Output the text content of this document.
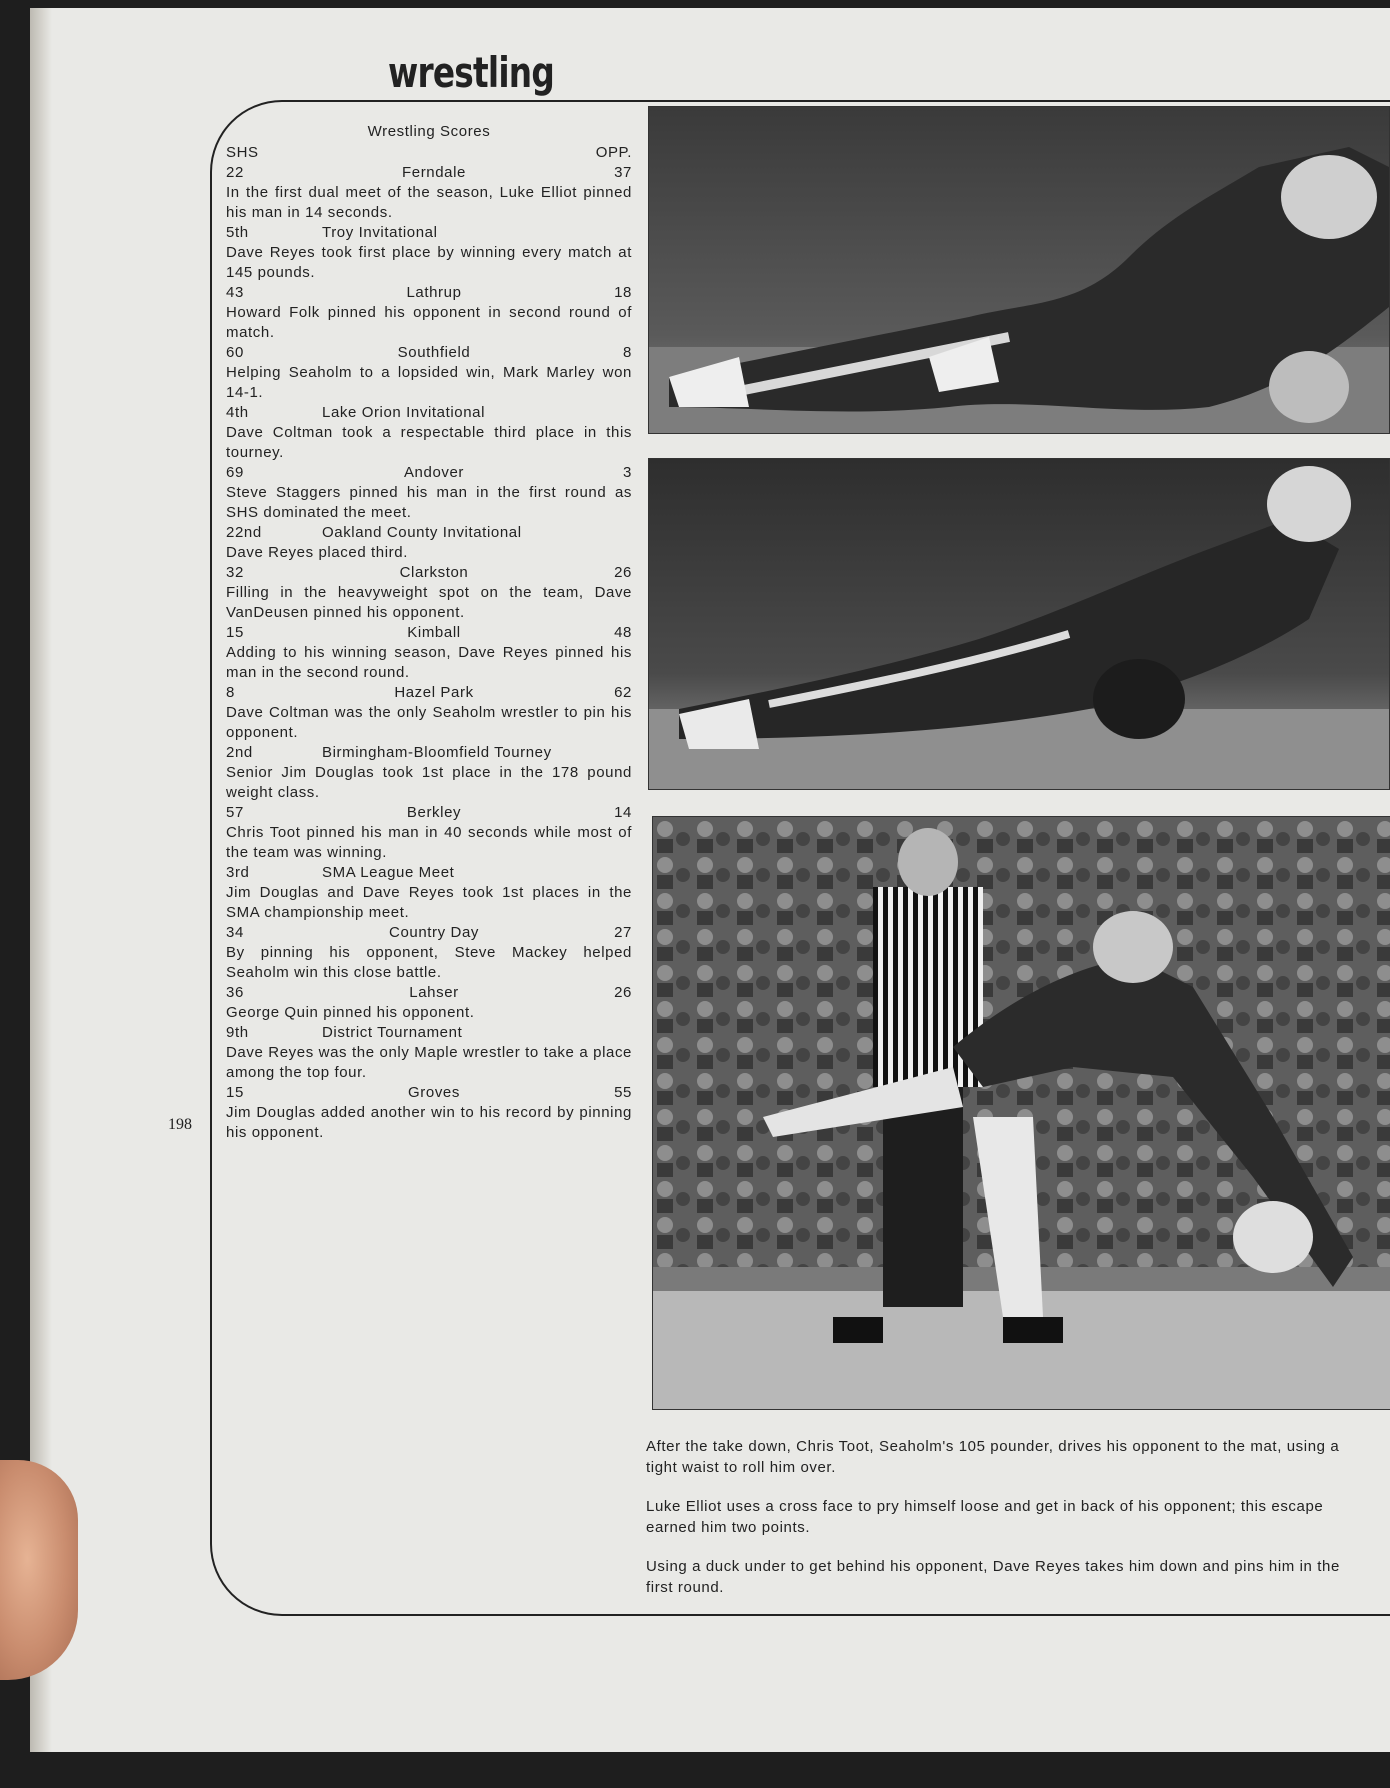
wrestling
198
Wrestling Scores
SHS	OPP.
22	Ferndale	37
In the first dual meet of the season, Luke Elliot pinned his man in 14 seconds.
5th	Troy Invitational
Dave Reyes took first place by winning every match at 145 pounds.
43	Lathrup	18
Howard Folk pinned his opponent in second round of match.
60	Southfield	8
Helping Seaholm to a lopsided win, Mark Marley won 14-1.
4th	Lake Orion Invitational
Dave Coltman took a respectable third place in this tourney.
69	Andover	3
Steve Staggers pinned his man in the first round as SHS dominated the meet.
22nd	Oakland County Invitational
Dave Reyes placed third.
32	Clarkston	26
Filling in the heavyweight spot on the team, Dave VanDeusen pinned his opponent.
15	Kimball	48
Adding to his winning season, Dave Reyes pinned his man in the second round.
8	Hazel Park	62
Dave Coltman was the only Seaholm wrestler to pin his opponent.
2nd	Birmingham-Bloomfield Tourney
Senior Jim Douglas took 1st place in the 178 pound weight class.
57	Berkley	14
Chris Toot pinned his man in 40 seconds while most of the team was winning.
3rd	SMA League Meet
Jim Douglas and Dave Reyes took 1st places in the SMA championship meet.
34	Country Day	27
By pinning his opponent, Steve Mackey helped Seaholm win this close battle.
36	Lahser	26
George Quin pinned his opponent.
9th	District Tournament
Dave Reyes was the only Maple wrestler to take a place among the top four.
15	Groves	55
Jim Douglas added another win to his record by pinning his opponent.

After the take down, Chris Toot, Seaholm's 105 pounder, drives his opponent to the mat, using a tight waist to roll him over.

Luke Elliot uses a cross face to pry himself loose and get in back of his opponent; this escape earned him two points.

Using a duck under to get behind his opponent, Dave Reyes takes him down and pins him in the first round.
